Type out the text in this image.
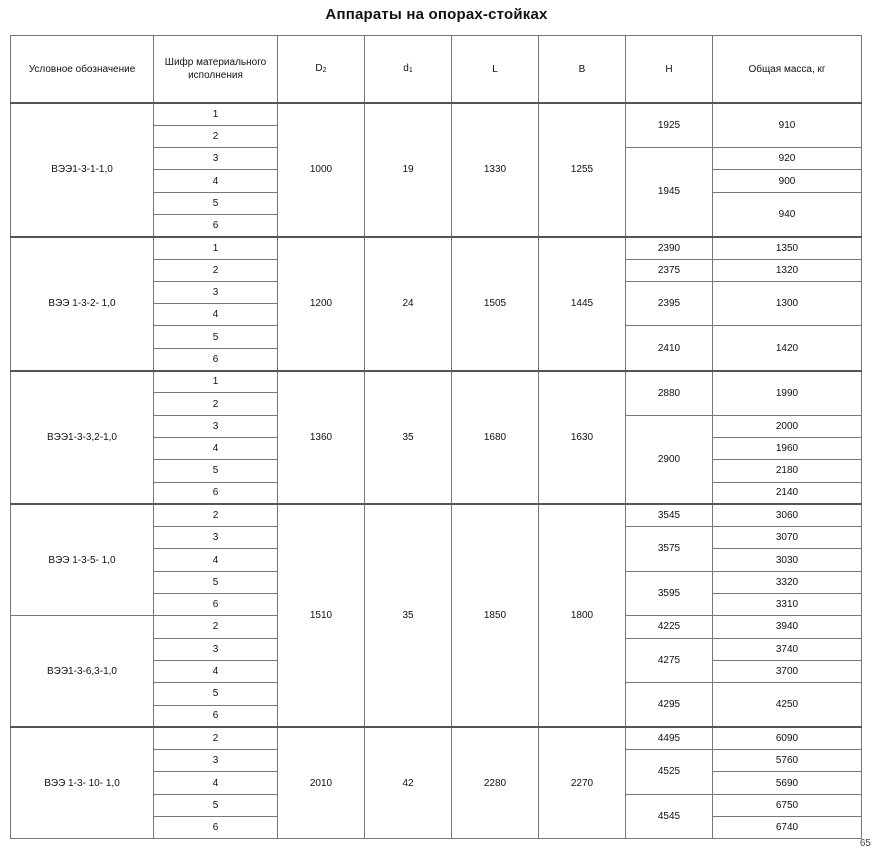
Аппараты на опорах-стойках
Условное обозначение	Шифр материального исполнения	$D_2$	$d_1$	L	B	H	Общая масса, кг
ВЭЭ1-3-1-1,0	1	1000	19	1330	1255	1925	910
	2						
	3					1945	920
	4						900
	5						940
	6						
ВЭЭ 1-3-2- 1,0	1	1200	24	1505	1445	2390	1350
	2					2375	1320
	3					2395	1300
	4						
	5					2410	1420
	6						
ВЭЭ1-3-3,2-1,0	1	1360	35	1680	1630	2880	1990
	2						
	3					2900	2000
	4						1960
	5						2180
	6						2140
ВЭЭ 1-3-5- 1,0	2	1510	35	1850	1800	3545	3060
	3					3575	3070
	4						3030
	5					3595	3320
	6						3310
ВЭЭ1-3-6,3-1,0	2					4225	3940
	3					4275	3740
	4						3700
	5					4295	4250
	6						
ВЭЭ 1-3- 10- 1,0	2	2010	42	2280	2270	4495	6090
	3					4525	5760
	4						5690
	5					4545	6750
	6						6740
65
